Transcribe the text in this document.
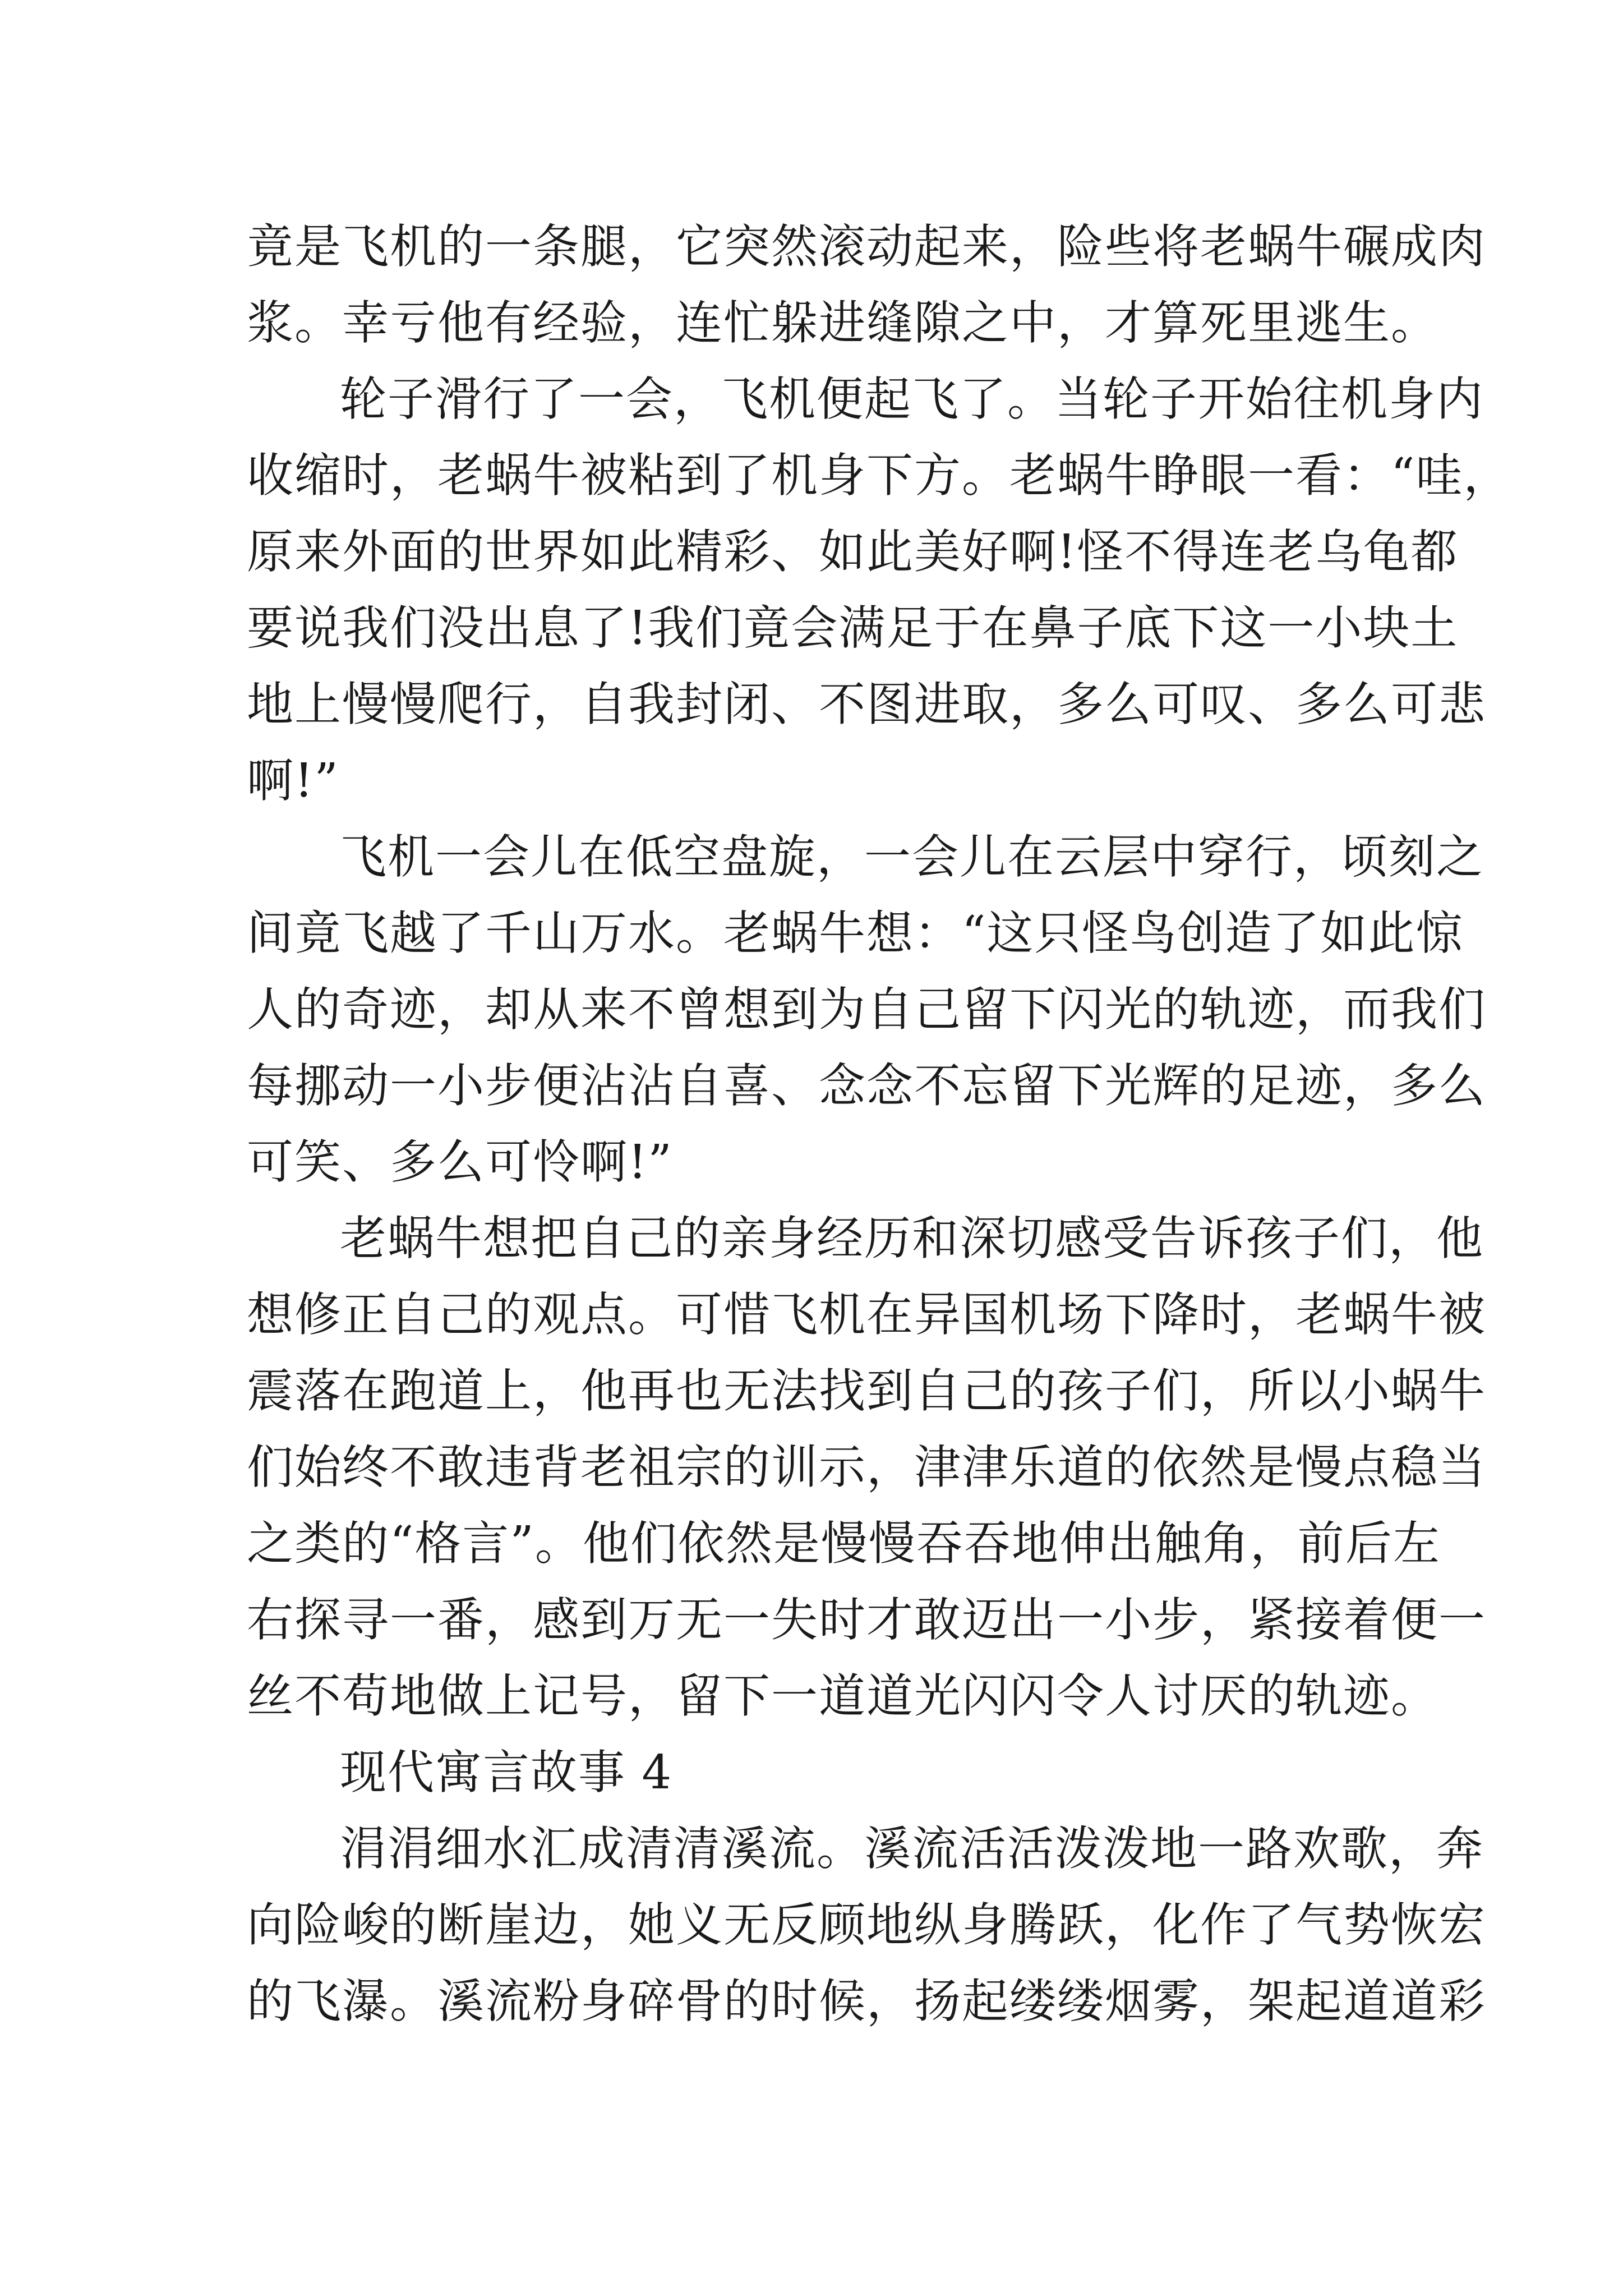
竟是飞机的一条腿，它突然滚动起来，险些将老蜗牛碾成肉
浆。幸亏他有经验，连忙躲进缝隙之中，才算死里逃生。
轮子滑行了一会，飞机便起飞了。当轮子开始往机身内
收缩时，老蜗牛被粘到了机身下方。老蜗牛睁眼一看：“哇，
原来外面的世界如此精彩、如此美好啊!怪不得连老乌龟都
要说我们没出息了!我们竟会满足于在鼻子底下这一小块土
地上慢慢爬行，自我封闭、不图进取，多么可叹、多么可悲
啊!”
飞机一会儿在低空盘旋，一会儿在云层中穿行，顷刻之
间竟飞越了千山万水。老蜗牛想：“这只怪鸟创造了如此惊
人的奇迹，却从来不曾想到为自己留下闪光的轨迹，而我们
每挪动一小步便沾沾自喜、念念不忘留下光辉的足迹，多么
可笑、多么可怜啊!”
老蜗牛想把自己的亲身经历和深切感受告诉孩子们，他
想修正自己的观点。可惜飞机在异国机场下降时，老蜗牛被
震落在跑道上，他再也无法找到自己的孩子们，所以小蜗牛
们始终不敢违背老祖宗的训示，津津乐道的依然是慢点稳当
之类的“格言”。他们依然是慢慢吞吞地伸出触角，前后左
右探寻一番，感到万无一失时才敢迈出一小步，紧接着便一
丝不苟地做上记号，留下一道道光闪闪令人讨厌的轨迹。
现代寓言故事 4
涓涓细水汇成清清溪流。溪流活活泼泼地一路欢歌，奔
向险峻的断崖边，她义无反顾地纵身腾跃，化作了气势恢宏
的飞瀑。溪流粉身碎骨的时候，扬起缕缕烟雾，架起道道彩
